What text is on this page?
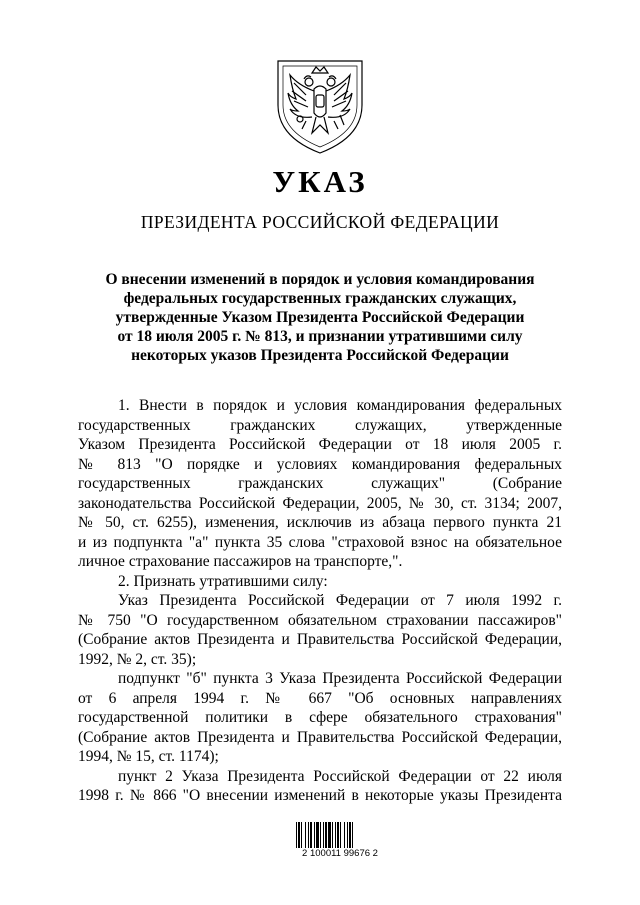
УКАЗ
ПРЕЗИДЕНТА РОССИЙСКОЙ ФЕДЕРАЦИИ
О внесении изменений в порядок и условия командирования
федеральных государственных гражданских служащих,
утвержденные Указом Президента Российской Федерации
от 18 июля 2005 г. № 813, и признании утратившими силу
некоторых указов Президента Российской Федерации
1. Внести в порядок и условия командирования федеральных
государственных гражданских служащих, утвержденные
Указом Президента Российской Федерации от 18 июля 2005 г.
№ 813 "О порядке и условиях командирования федеральных
государственных гражданских служащих" (Собрание
законодательства Российской Федерации, 2005, № 30, ст. 3134; 2007,
№ 50, ст. 6255), изменения, исключив из абзаца первого пункта 21
и из подпункта "а" пункта 35 слова "страховой взнос на обязательное
личное страхование пассажиров на транспорте,".
2. Признать утратившими силу:
Указ Президента Российской Федерации от 7 июля 1992 г.
№ 750 "О государственном обязательном страховании пассажиров"
(Собрание актов Президента и Правительства Российской Федерации,
1992, № 2, ст. 35);
подпункт "б" пункта 3 Указа Президента Российской Федерации
от 6 апреля 1994 г. № 667 "Об основных направлениях
государственной политики в сфере обязательного страхования"
(Собрание актов Президента и Правительства Российской Федерации,
1994, № 15, ст. 1174);
пункт 2 Указа Президента Российской Федерации от 22 июля
1998 г. № 866 "О внесении изменений в некоторые указы Президента
2 100011 99676 2
